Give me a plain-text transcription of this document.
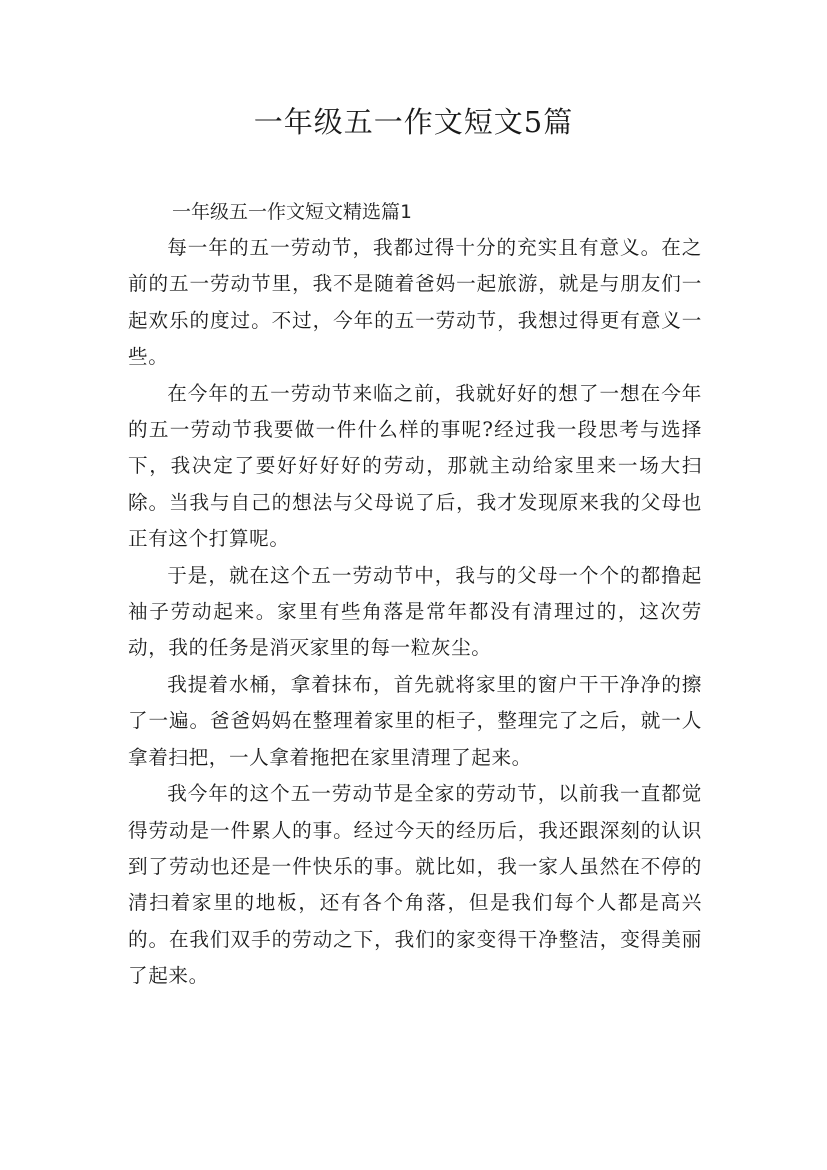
一年级五一作文短文5篇
一年级五一作文短文精选篇1

每一年的五一劳动节，我都过得十分的充实且有意义。在之前的五一劳动节里，我不是随着爸妈一起旅游，就是与朋友们一起欢乐的度过。不过，今年的五一劳动节，我想过得更有意义一些。

在今年的五一劳动节来临之前，我就好好的想了一想在今年的五一劳动节我要做一件什么样的事呢?经过我一段思考与选择下，我决定了要好好好好的劳动，那就主动给家里来一场大扫除。当我与自己的想法与父母说了后，我才发现原来我的父母也正有这个打算呢。

于是，就在这个五一劳动节中，我与的父母一个个的都撸起袖子劳动起来。家里有些角落是常年都没有清理过的，这次劳动，我的任务是消灭家里的每一粒灰尘。

我提着水桶，拿着抹布，首先就将家里的窗户干干净净的擦了一遍。爸爸妈妈在整理着家里的柜子，整理完了之后，就一人拿着扫把，一人拿着拖把在家里清理了起来。

我今年的这个五一劳动节是全家的劳动节，以前我一直都觉得劳动是一件累人的事。经过今天的经历后，我还跟深刻的认识到了劳动也还是一件快乐的事。就比如，我一家人虽然在不停的清扫着家里的地板，还有各个角落，但是我们每个人都是高兴的。在我们双手的劳动之下，我们的家变得干净整洁，变得美丽了起来。
